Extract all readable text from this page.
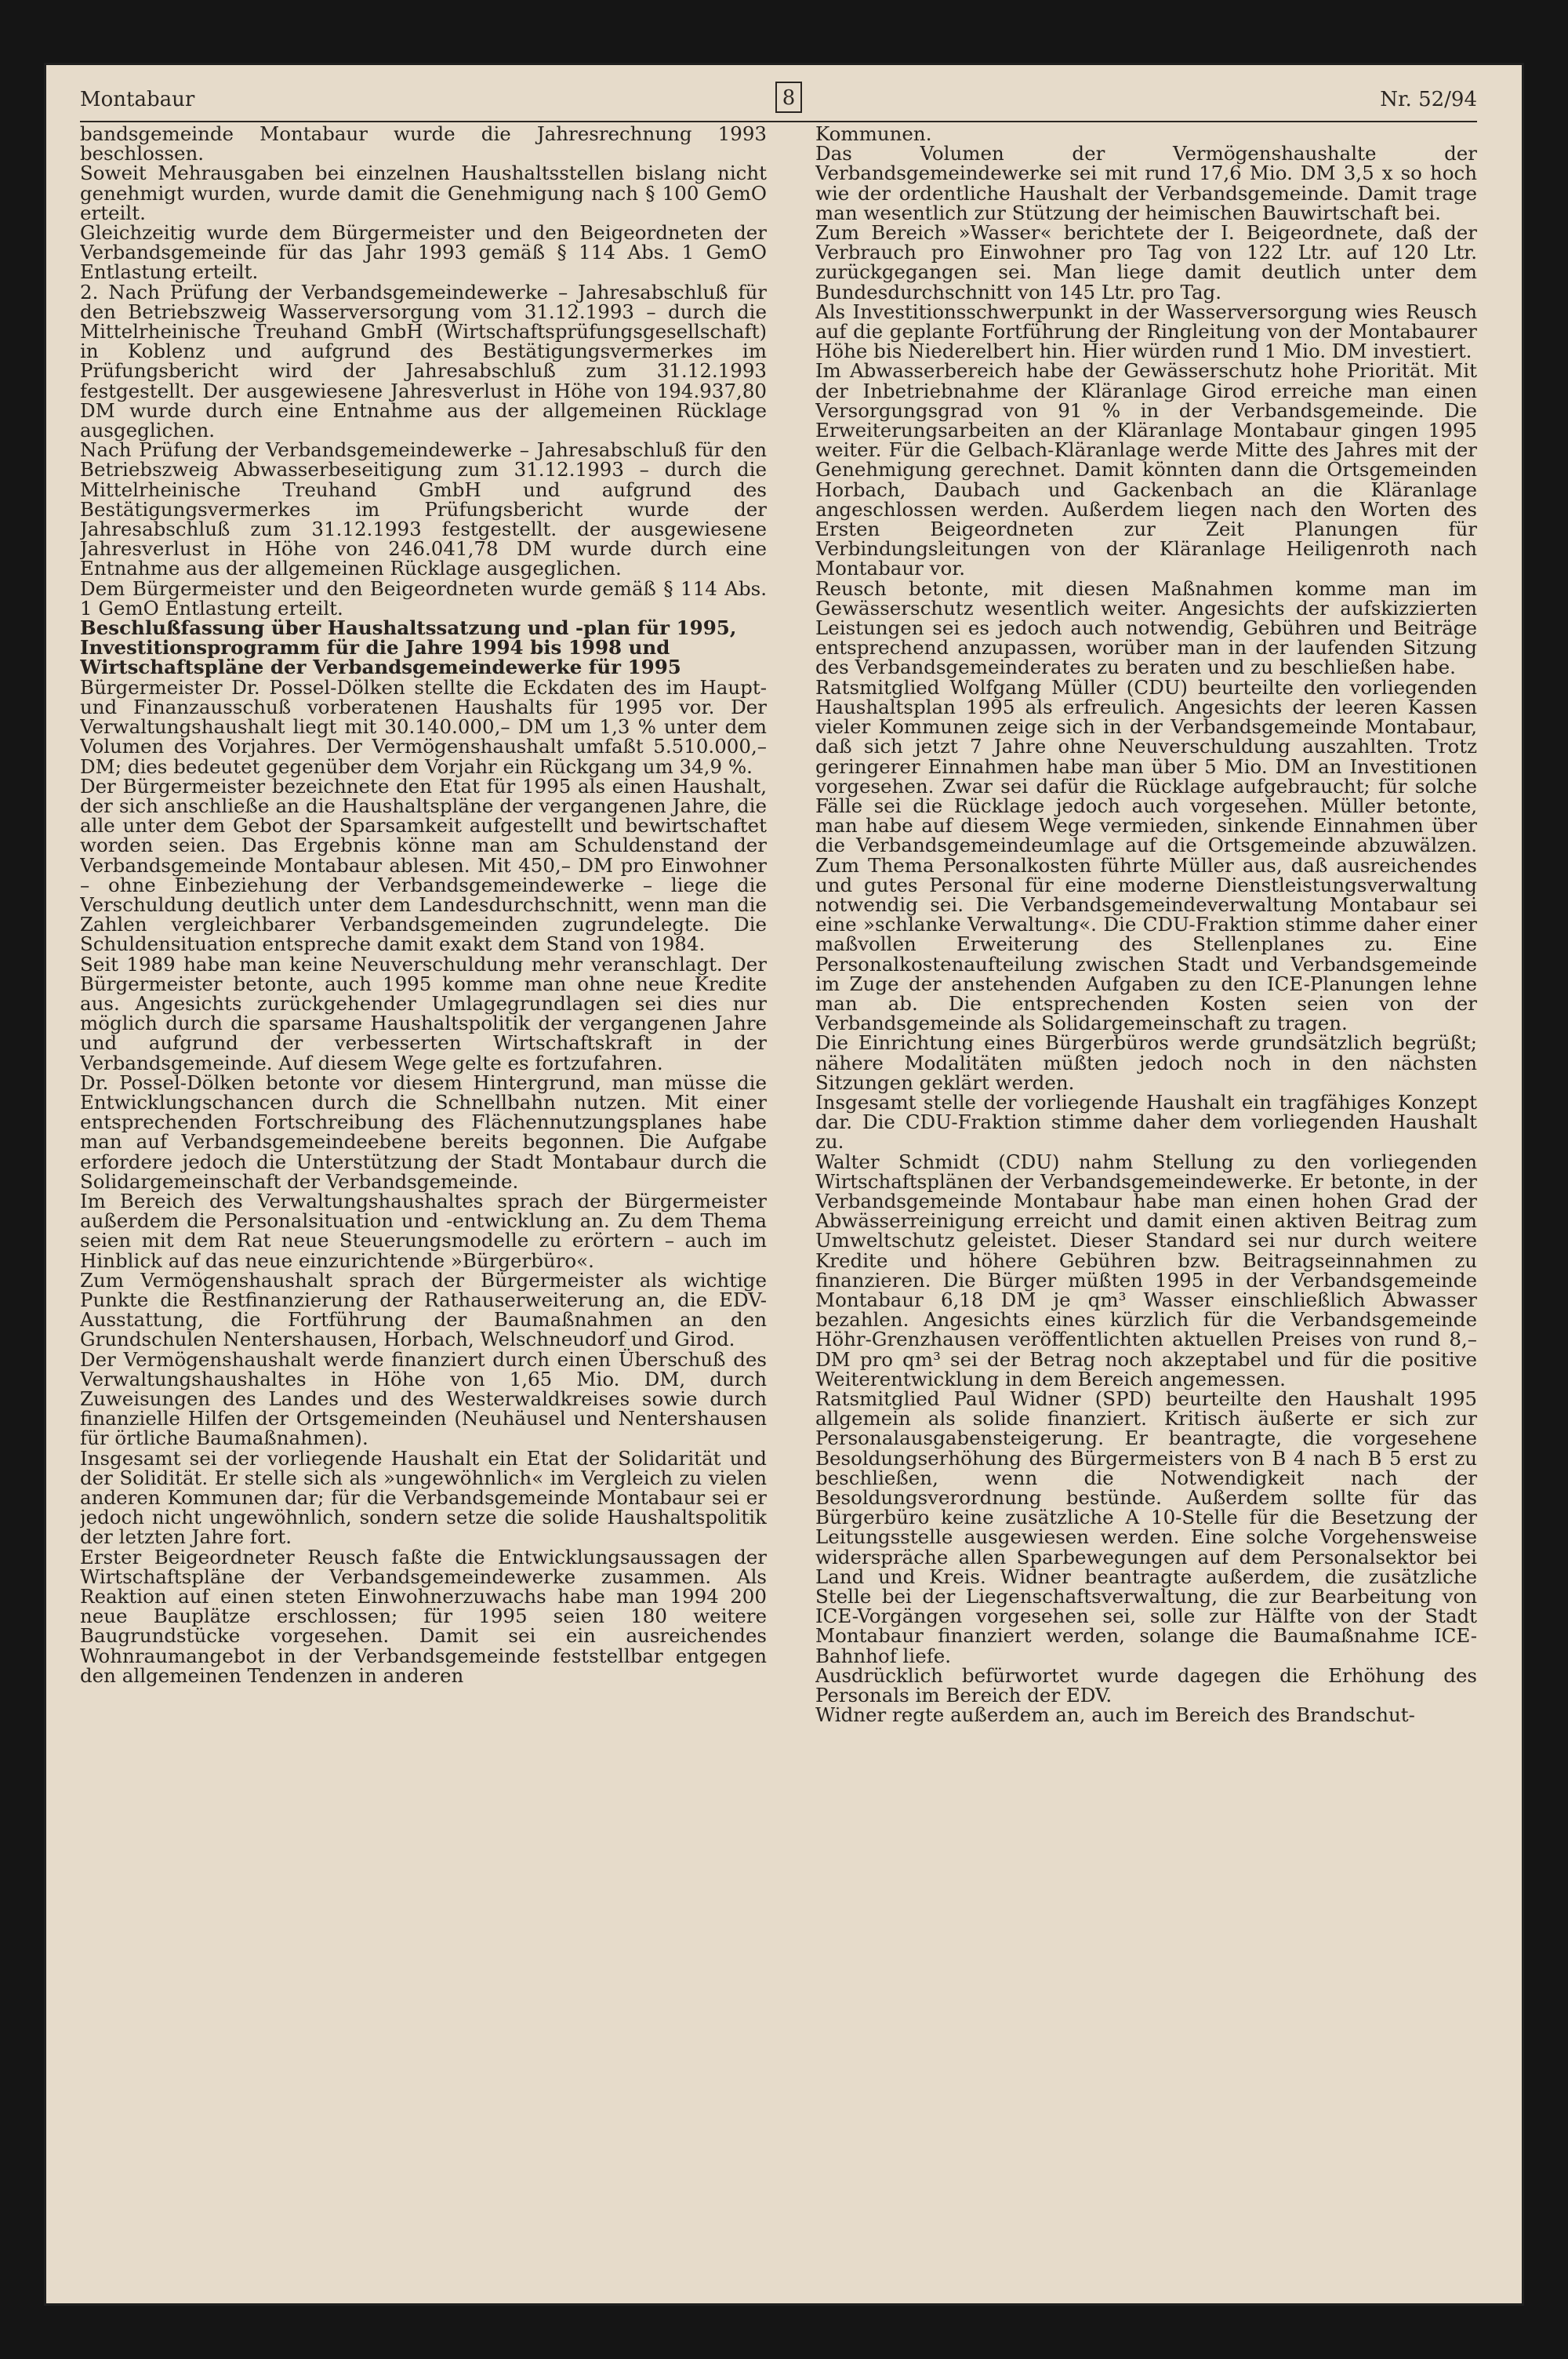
Montabaur	8	Nr. 52/94

bandsgemeinde Montabaur wurde die Jahresrechnung 1993 beschlossen.

Soweit Mehrausgaben bei einzelnen Haushaltsstellen bislang nicht genehmigt wurden, wurde damit die Genehmigung nach § 100 GemO erteilt.

Gleichzeitig wurde dem Bürgermeister und den Beigeordneten der Verbandsgemeinde für das Jahr 1993 gemäß § 114 Abs. 1 GemO Entlastung erteilt.

2. Nach Prüfung der Verbandsgemeindewerke – Jahresabschluß für den Betriebszweig Wasserversorgung vom 31.12.1993 – durch die Mittelrheinische Treuhand GmbH (Wirtschaftsprüfungsgesellschaft) in Koblenz und aufgrund des Bestätigungsvermerkes im Prüfungsbericht wird der Jahresabschluß zum 31.12.1993 festgestellt. Der ausgewiesene Jahresverlust in Höhe von 194.937,80 DM wurde durch eine Entnahme aus der allgemeinen Rücklage ausgeglichen.

Nach Prüfung der Verbandsgemeindewerke – Jahresabschluß für den Betriebszweig Abwasserbeseitigung zum 31.12.1993 – durch die Mittelrheinische Treuhand GmbH und aufgrund des Bestätigungsvermerkes im Prüfungsbericht wurde der Jahresabschluß zum 31.12.1993 festgestellt. der ausgewiesene Jahresverlust in Höhe von 246.041,78 DM wurde durch eine Entnahme aus der allgemeinen Rücklage ausgeglichen.

Dem Bürgermeister und den Beigeordneten wurde gemäß § 114 Abs. 1 GemO Entlastung erteilt.

Beschlußfassung über Haushaltssatzung und -plan für 1995, Investitionsprogramm für die Jahre 1994 bis 1998 und Wirtschaftspläne der Verbandsgemeindewerke für 1995

Bürgermeister Dr. Possel-Dölken stellte die Eckdaten des im Haupt- und Finanzausschuß vorberatenen Haushalts für 1995 vor. Der Verwaltungshaushalt liegt mit 30.140.000,– DM um 1,3 % unter dem Volumen des Vorjahres. Der Vermögenshaushalt umfaßt 5.510.000,– DM; dies bedeutet gegenüber dem Vorjahr ein Rückgang um 34,9 %.

Der Bürgermeister bezeichnete den Etat für 1995 als einen Haushalt, der sich anschließe an die Haushaltspläne der vergangenen Jahre, die alle unter dem Gebot der Sparsamkeit aufgestellt und bewirtschaftet worden seien. Das Ergebnis könne man am Schuldenstand der Verbandsgemeinde Montabaur ablesen. Mit 450,– DM pro Einwohner – ohne Einbeziehung der Verbandsgemeindewerke – liege die Verschuldung deutlich unter dem Landesdurchschnitt, wenn man die Zahlen vergleichbarer Verbandsgemeinden zugrundelegte. Die Schuldensituation entspreche damit exakt dem Stand von 1984.

Seit 1989 habe man keine Neuverschuldung mehr veranschlagt. Der Bürgermeister betonte, auch 1995 komme man ohne neue Kredite aus. Angesichts zurückgehender Umlagegrundlagen sei dies nur möglich durch die sparsame Haushaltspolitik der vergangenen Jahre und aufgrund der verbesserten Wirtschaftskraft in der Verbandsgemeinde. Auf diesem Wege gelte es fortzufahren.

Dr. Possel-Dölken betonte vor diesem Hintergrund, man müsse die Entwicklungschancen durch die Schnellbahn nutzen. Mit einer entsprechenden Fortschreibung des Flächennutzungsplanes habe man auf Verbandsgemeindeebene bereits begonnen. Die Aufgabe erfordere jedoch die Unterstützung der Stadt Montabaur durch die Solidargemeinschaft der Verbandsgemeinde.

Im Bereich des Verwaltungshaushaltes sprach der Bürgermeister außerdem die Personalsituation und -entwicklung an. Zu dem Thema seien mit dem Rat neue Steuerungsmodelle zu erörtern – auch im Hinblick auf das neue einzurichtende »Bürgerbüro«.

Zum Vermögenshaushalt sprach der Bürgermeister als wichtige Punkte die Restfinanzierung der Rathauserweiterung an, die EDV-Ausstattung, die Fortführung der Baumaßnahmen an den Grundschulen Nentershausen, Horbach, Welschneudorf und Girod.

Der Vermögenshaushalt werde finanziert durch einen Überschuß des Verwaltungshaushaltes in Höhe von 1,65 Mio. DM, durch Zuweisungen des Landes und des Westerwaldkreises sowie durch finanzielle Hilfen der Ortsgemeinden (Neuhäusel und Nentershausen für örtliche Baumaßnahmen).

Insgesamt sei der vorliegende Haushalt ein Etat der Solidarität und der Solidität. Er stelle sich als »ungewöhnlich« im Vergleich zu vielen anderen Kommunen dar; für die Verbandsgemeinde Montabaur sei er jedoch nicht ungewöhnlich, sondern setze die solide Haushaltspolitik der letzten Jahre fort.

Erster Beigeordneter Reusch faßte die Entwicklungsaussagen der Wirtschaftspläne der Verbandsgemeindewerke zusammen. Als Reaktion auf einen steten Einwohnerzuwachs habe man 1994 200 neue Bauplätze erschlossen; für 1995 seien 180 weitere Baugrundstücke vorgesehen. Damit sei ein ausreichendes Wohnraumangebot in der Verbandsgemeinde feststellbar entgegen den allgemeinen Tendenzen in anderen

Kommunen.

Das Volumen der Vermögenshaushalte der Verbandsgemeindewerke sei mit rund 17,6 Mio. DM 3,5 x so hoch wie der ordentliche Haushalt der Verbandsgemeinde. Damit trage man wesentlich zur Stützung der heimischen Bauwirtschaft bei.

Zum Bereich »Wasser« berichtete der I. Beigeordnete, daß der Verbrauch pro Einwohner pro Tag von 122 Ltr. auf 120 Ltr. zurückgegangen sei. Man liege damit deutlich unter dem Bundesdurchschnitt von 145 Ltr. pro Tag.

Als Investitionsschwerpunkt in der Wasserversorgung wies Reusch auf die geplante Fortführung der Ringleitung von der Montabaurer Höhe bis Niederelbert hin. Hier würden rund 1 Mio. DM investiert.

Im Abwasserbereich habe der Gewässerschutz hohe Priorität. Mit der Inbetriebnahme der Kläranlage Girod erreiche man einen Versorgungsgrad von 91 % in der Verbandsgemeinde. Die Erweiterungsarbeiten an der Kläranlage Montabaur gingen 1995 weiter. Für die Gelbach-Kläranlage werde Mitte des Jahres mit der Genehmigung gerechnet. Damit könnten dann die Ortsgemeinden Horbach, Daubach und Gackenbach an die Kläranlage angeschlossen werden. Außerdem liegen nach den Worten des Ersten Beigeordneten zur Zeit Planungen für Verbindungsleitungen von der Kläranlage Heiligenroth nach Montabaur vor.

Reusch betonte, mit diesen Maßnahmen komme man im Gewässerschutz wesentlich weiter. Angesichts der aufskizzierten Leistungen sei es jedoch auch notwendig, Gebühren und Beiträge entsprechend anzupassen, worüber man in der laufenden Sitzung des Verbandsgemeinderates zu beraten und zu beschließen habe.

Ratsmitglied Wolfgang Müller (CDU) beurteilte den vorliegenden Haushaltsplan 1995 als erfreulich. Angesichts der leeren Kassen vieler Kommunen zeige sich in der Verbandsgemeinde Montabaur, daß sich jetzt 7 Jahre ohne Neuverschuldung auszahlten. Trotz geringerer Einnahmen habe man über 5 Mio. DM an Investitionen vorgesehen. Zwar sei dafür die Rücklage aufgebraucht; für solche Fälle sei die Rücklage jedoch auch vorgesehen. Müller betonte, man habe auf diesem Wege vermieden, sinkende Einnahmen über die Verbandsgemeindeumlage auf die Ortsgemeinde abzuwälzen. Zum Thema Personalkosten führte Müller aus, daß ausreichendes und gutes Personal für eine moderne Dienstleistungsverwaltung notwendig sei. Die Verbandsgemeindeverwaltung Montabaur sei eine »schlanke Verwaltung«. Die CDU-Fraktion stimme daher einer maßvollen Erweiterung des Stellenplanes zu. Eine Personalkostenaufteilung zwischen Stadt und Verbandsgemeinde im Zuge der anstehenden Aufgaben zu den ICE-Planungen lehne man ab. Die entsprechenden Kosten seien von der Verbandsgemeinde als Solidargemeinschaft zu tragen.

Die Einrichtung eines Bürgerbüros werde grundsätzlich begrüßt; nähere Modalitäten müßten jedoch noch in den nächsten Sitzungen geklärt werden.

Insgesamt stelle der vorliegende Haushalt ein tragfähiges Konzept dar. Die CDU-Fraktion stimme daher dem vorliegenden Haushalt zu.

Walter Schmidt (CDU) nahm Stellung zu den vorliegenden Wirtschaftsplänen der Verbandsgemeindewerke. Er betonte, in der Verbandsgemeinde Montabaur habe man einen hohen Grad der Abwässerreinigung erreicht und damit einen aktiven Beitrag zum Umweltschutz geleistet. Dieser Standard sei nur durch weitere Kredite und höhere Gebühren bzw. Beitragseinnahmen zu finanzieren. Die Bürger müßten 1995 in der Verbandsgemeinde Montabaur 6,18 DM je qm³ Wasser einschließlich Abwasser bezahlen. Angesichts eines kürzlich für die Verbandsgemeinde Höhr-Grenzhausen veröffentlichten aktuellen Preises von rund 8,– DM pro qm³ sei der Betrag noch akzeptabel und für die positive Weiterentwicklung in dem Bereich angemessen.

Ratsmitglied Paul Widner (SPD) beurteilte den Haushalt 1995 allgemein als solide finanziert. Kritisch äußerte er sich zur Personalausgabensteigerung. Er beantragte, die vorgesehene Besoldungserhöhung des Bürgermeisters von B 4 nach B 5 erst zu beschließen, wenn die Notwendigkeit nach der Besoldungsverordnung bestünde. Außerdem sollte für das Bürgerbüro keine zusätzliche A 10-Stelle für die Besetzung der Leitungsstelle ausgewiesen werden. Eine solche Vorgehensweise widerspräche allen Sparbewegungen auf dem Personalsektor bei Land und Kreis. Widner beantragte außerdem, die zusätzliche Stelle bei der Liegenschaftsverwaltung, die zur Bearbeitung von ICE-Vorgängen vorgesehen sei, solle zur Hälfte von der Stadt Montabaur finanziert werden, solange die Baumaßnahme ICE-Bahnhof liefe.

Ausdrücklich befürwortet wurde dagegen die Erhöhung des Personals im Bereich der EDV.

Widner regte außerdem an, auch im Bereich des Brandschut-
